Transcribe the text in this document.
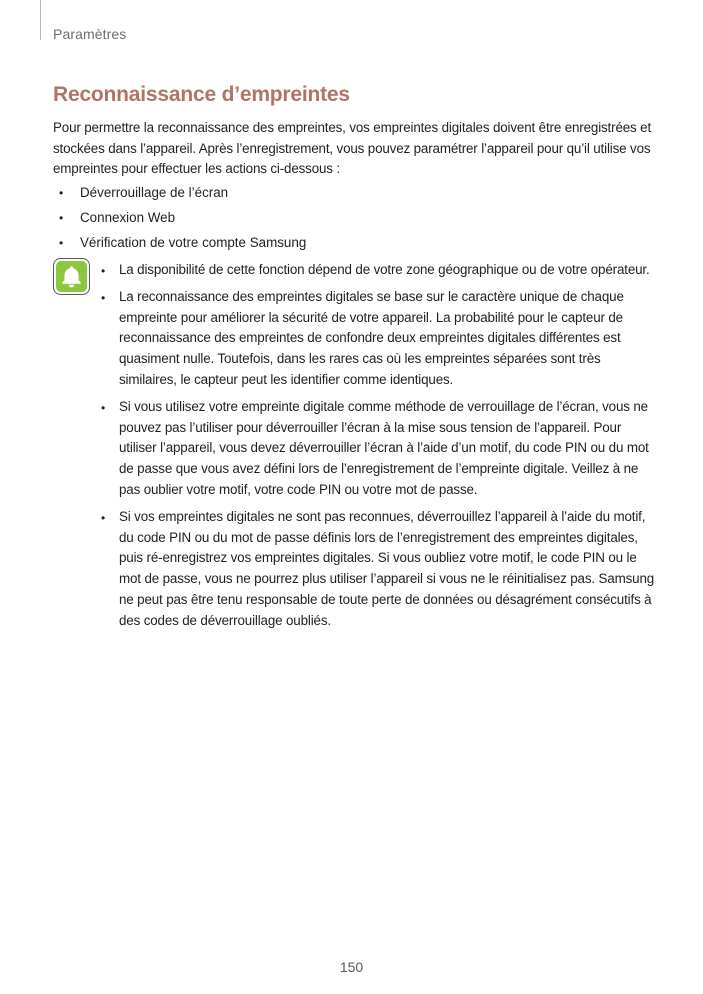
Paramètres
Reconnaissance d’empreintes

Pour permettre la reconnaissance des empreintes, vos empreintes digitales doivent être enregistrées et stockées dans l’appareil. Après l’enregistrement, vous pouvez paramétrer l’appareil pour qu’il utilise vos empreintes pour effectuer les actions ci-dessous :

• Déverrouillage de l’écran
• Connexion Web
• Vérification de votre compte Samsung
• La disponibilité de cette fonction dépend de votre zone géographique ou de votre opérateur.
• La reconnaissance des empreintes digitales se base sur le caractère unique de chaque empreinte pour améliorer la sécurité de votre appareil. La probabilité pour le capteur de reconnaissance des empreintes de confondre deux empreintes digitales différentes est quasiment nulle. Toutefois, dans les rares cas où les empreintes séparées sont très similaires, le capteur peut les identifier comme identiques.
• Si vous utilisez votre empreinte digitale comme méthode de verrouillage de l’écran, vous ne pouvez pas l’utiliser pour déverrouiller l’écran à la mise sous tension de l’appareil. Pour utiliser l’appareil, vous devez déverrouiller l’écran à l’aide d’un motif, du code PIN ou du mot de passe que vous avez défini lors de l’enregistrement de l’empreinte digitale. Veillez à ne pas oublier votre motif, votre code PIN ou votre mot de passe.
• Si vos empreintes digitales ne sont pas reconnues, déverrouillez l’appareil à l’aide du motif, du code PIN ou du mot de passe définis lors de l’enregistrement des empreintes digitales, puis ré-enregistrez vos empreintes digitales. Si vous oubliez votre motif, le code PIN ou le mot de passe, vous ne pourrez plus utiliser l’appareil si vous ne le réinitialisez pas. Samsung ne peut pas être tenu responsable de toute perte de données ou désagrément consécutifs à des codes de déverrouillage oubliés.
150
